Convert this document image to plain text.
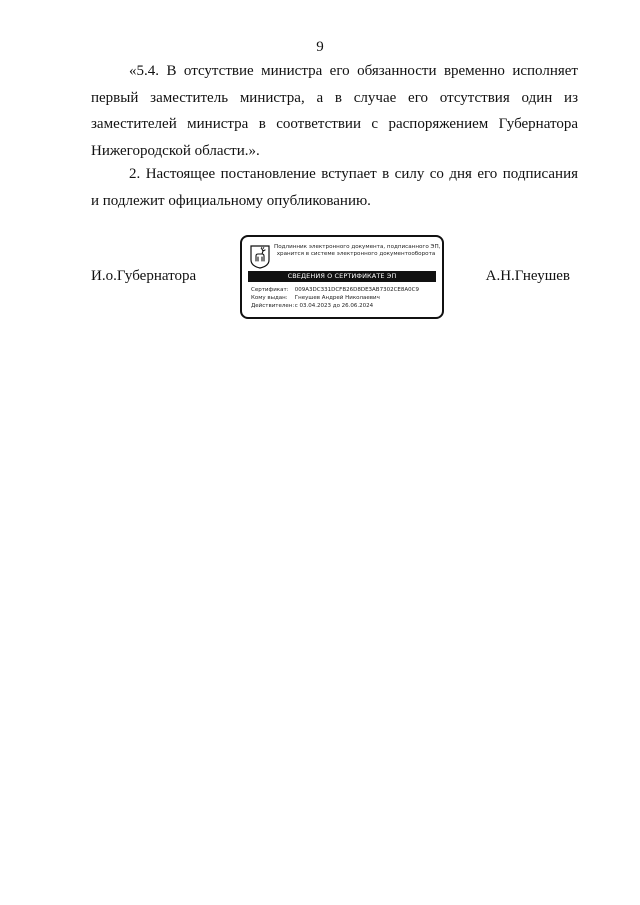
9
«5.4. В отсутствие министра его обязанности временно исполняет
первый заместитель министра, а в случае его отсутствия один из
заместителей министра в соответствии с распоряжением Губернатора
Нижегородской области.».
2. Настоящее постановление вступает в силу со дня его подписания
и подлежит официальному опубликованию.
И.о.Губернатора
Подлинник электронного документа, подписанного ЭП,
хранится в системе электронного документооборота
СВЕДЕНИЯ О СЕРТИФИКАТЕ ЭП
Сертификат: 009A3DC331DCFB26D8DE3AB7302CE8A0C9
Кому выдан: Гнеушев Андрей Николаевич
Действителен: с 03.04.2023 до 26.06.2024
А.Н.Гнеушев
